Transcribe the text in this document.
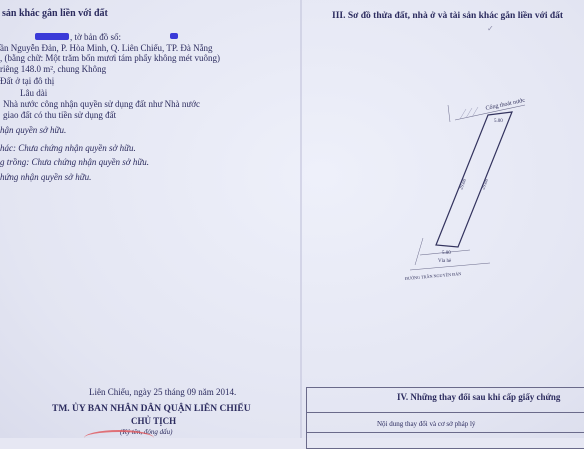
sản khác gắn liền với đất
, tờ bản đồ số:
ần Nguyễn Đản, P. Hòa Minh, Q. Liên Chiểu, TP. Đà Nẵng
, (bằng chữ: Một trăm bốn mươi tám phẩy không mét vuông)
riêng 148.0 m², chung Không
Đất ở tại đô thị
Lâu dài
Nhà nước công nhận quyền sử dụng đất như Nhà nước
giao đất có thu tiền sử dụng đất
hận quyền sở hữu.
hác: Chưa chứng nhận quyền sở hữu.
g trồng: Chưa chứng nhận quyền sở hữu.
hứng nhận quyền sở hữu.
Liên Chiểu, ngày ⁠25 tháng 09 năm 2014.
TM. ỦY BAN NHÂN DÂN QUẬN LIÊN CHIỂU
CHỦ TỊCH
(Ký tên, đóng dấu)
III. Sơ đồ thửa đất, nhà ở và tài sản khác gắn liền với đất
✓
Cống thoát nước
5.00
29.60	29.60
5.00
Vỉa hè
ĐƯỜNG TRẦN NGUYÊN ĐÁN
IV. Những thay đổi sau khi cấp giấy chứng
Nội dung thay đổi và cơ sở pháp lý
